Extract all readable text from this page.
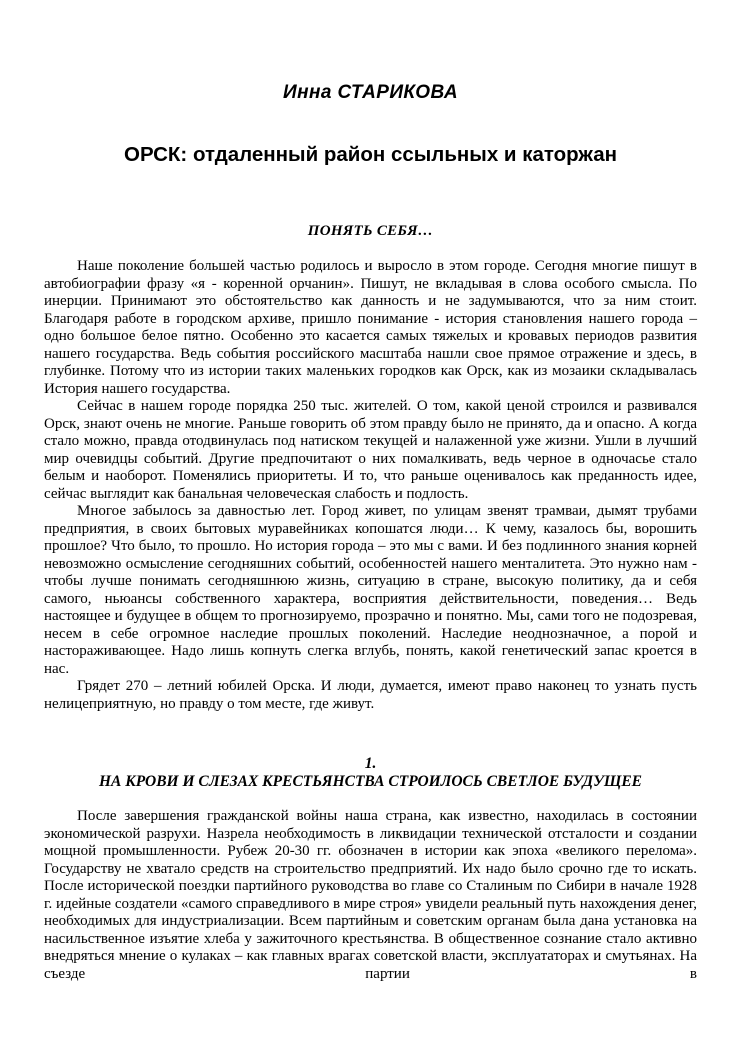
Инна СТАРИКОВА
ОРСК: отдаленный район ссыльных и каторжан
ПОНЯТЬ СЕБЯ…

Наше поколение большей частью родилось и выросло в этом городе. Сегодня многие пишут в автобиографии фразу «я - коренной орчанин». Пишут, не вкладывая в слова особого смысла. По инерции. Принимают это обстоятельство как данность и не задумываются, что за ним стоит. Благодаря работе в городском архиве, пришло понимание - история становления нашего города – одно большое белое пятно. Особенно это касается самых тяжелых и кровавых периодов развития нашего государства. Ведь события российского масштаба нашли свое прямое отражение и здесь, в глубинке. Потому что из истории таких маленьких городков как Орск, как из мозаики складывалась История нашего государства.

Сейчас в нашем городе порядка 250 тыс. жителей. О том, какой ценой строился и развивался Орск, знают очень не многие. Раньше говорить об этом правду было не принято, да и опасно. А когда стало можно, правда отодвинулась под натиском текущей и налаженной уже жизни. Ушли в лучший мир очевидцы событий. Другие предпочитают о них помалкивать, ведь черное в одночасье стало белым и наоборот. Поменялись приоритеты. И то, что раньше оценивалось как преданность идее, сейчас выглядит как банальная человеческая слабость и подлость.

Многое забылось за давностью лет. Город живет, по улицам звенят трамваи, дымят трубами предприятия, в своих бытовых муравейниках копошатся люди… К чему, казалось бы, ворошить прошлое? Что было, то прошло. Но история города – это мы с вами. И без подлинного знания корней невозможно осмысление сегодняшних событий, особенностей нашего менталитета. Это нужно нам - чтобы лучше понимать сегодняшнюю жизнь, ситуацию в стране, высокую политику, да и себя самого, ньюансы собственного характера, восприятия действительности, поведения… Ведь настоящее и будущее в общем то прогнозируемо, прозрачно и понятно. Мы, сами того не подозревая, несем в себе огромное наследие прошлых поколений. Наследие неоднозначное, а порой и настораживающее. Надо лишь копнуть слегка вглубь, понять, какой генетический запас кроется в нас.

Грядет 270 – летний юбилей Орска. И люди, думается, имеют право наконец то узнать пусть нелицеприятную, но правду о том месте, где живут.

1.
НА КРОВИ И СЛЕЗАХ КРЕСТЬЯНСТВА СТРОИЛОСЬ СВЕТЛОЕ БУДУЩЕЕ

После завершения гражданской войны наша страна, как известно, находилась в состоянии экономической разрухи. Назрела необходимость в ликвидации технической отсталости и создании мощной промышленности. Рубеж 20-30 гг. обозначен в истории как эпоха «великого перелома». Государству не хватало средств на строительство предприятий. Их надо было срочно где то искать. После исторической поездки партийного руководства во главе со Сталиным по Сибири в начале 1928 г. идейные создатели «самого справедливого в мире строя» увидели реальный путь нахождения денег, необходимых для индустриализации. Всем партийным и советским органам была дана установка на насильственное изъятие хлеба у зажиточного крестьянства. В общественное сознание стало активно внедряться мнение о кулаках – как главных врагах советской власти, эксплуататорах и смутьянах. На съезде партии в
